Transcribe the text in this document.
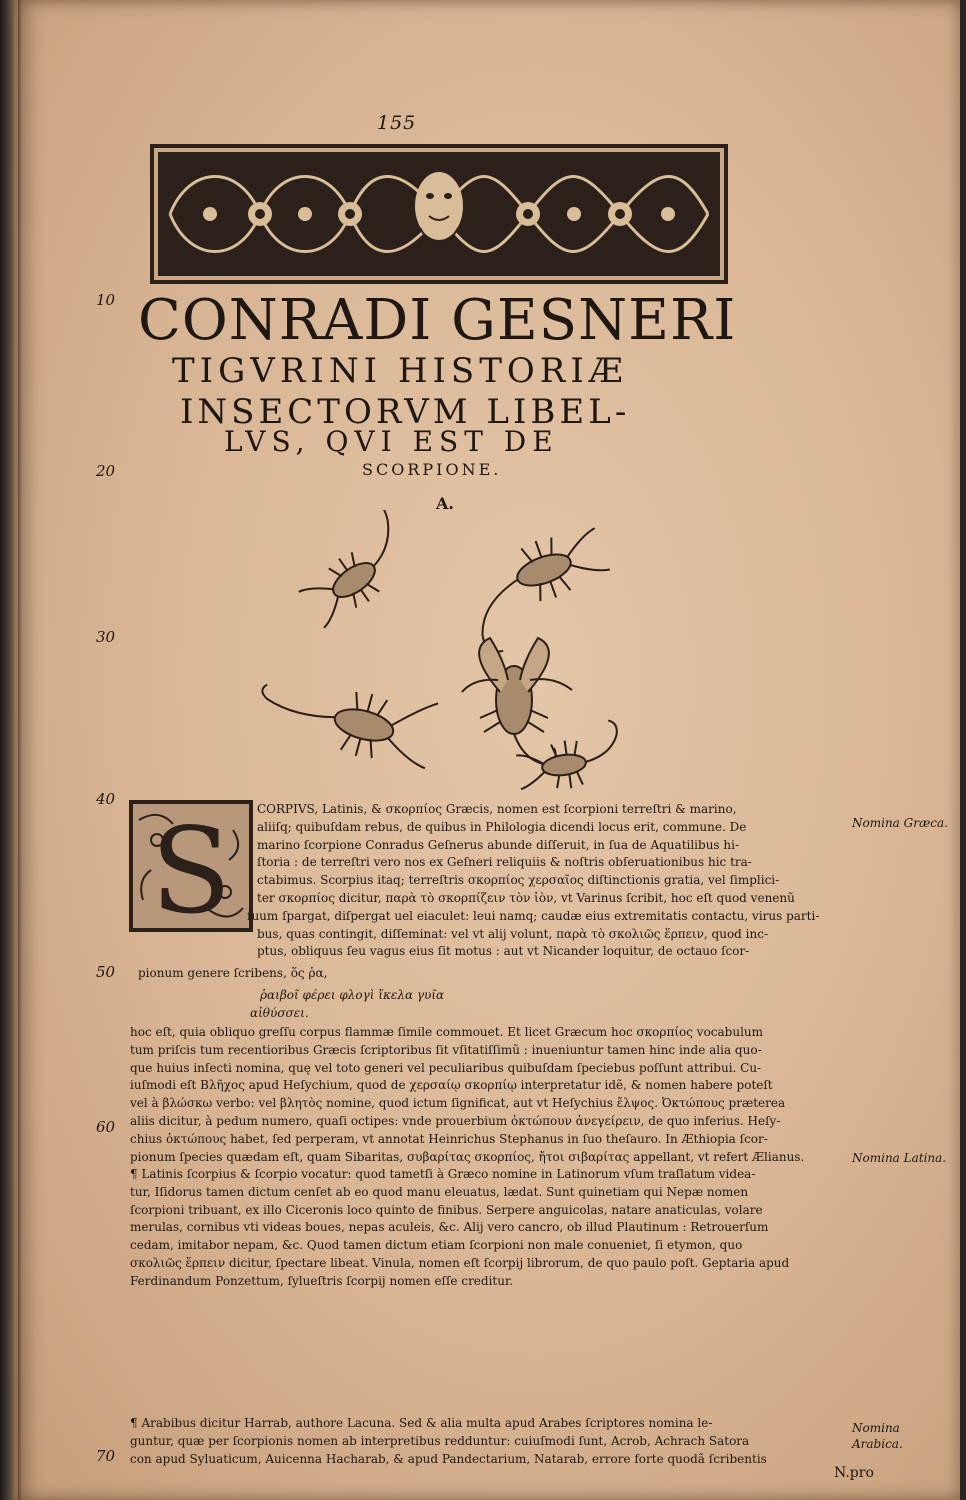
155
10 CONRADI GESNERI
TIGVRINI HISTORIÆ
INSECTORVM LIBEL-
LVS, QVI EST DE
SCORPIONE.
20
A.
30
40
S CORPIVS, Latinis, & σκορπίος Græcis, nomen est ſcorpioni terreſtri & marino,
aliiſq; quibuſdam rebus, de quibus in Philologia dicendi locus erit, commune. De
marino ſcorpione Conradus Geſnerus abunde diſſeruit, in ſua de Aquatilibus hi-
ſtoria : de terreſtri vero nos ex Geſneri reliquiis & noſtris obſeruationibus hic tra-
ctabimus. Scorpius itaq; terreſtris σκορπίος χερσαῖος diſtinctionis gratia, vel ſimplici-
ter σκορπίος dicitur, παρὰ τὸ σκορπίζειν τὸν ἰὸν, vt Varinus ſcribit, hoc eſt quod venenũ
ſuum ſpargat, diſpergat uel eiaculet: leui namq; caudæ eius extremitatis contactu, virus parti-
bus, quas contingit, diſſeminat: vel vt alij volunt, παρὰ τὸ σκολιῶς ἕρπειν, quod inc-
ptus, obliquus ſeu vagus eius ſit motus : aut vt Nicander loquitur, de octauo ſcor-
pionum genere ſcribens, ὅς ῥα,
50
ῥαιβοῖ φέρει φλογὶ ἴκελα γυῖα
αἰθύσσει.
hoc eſt, quia obliquo greſſu corpus flammæ ſimile commouet. Et licet Græcum hoc σκορπίος vocabulum
tum priſcis tum recentioribus Græcis ſcriptoribus ſit vſitatiſſimũ : inueniuntur tamen hinc inde alia quo-
que huius inſecti nomina, quę vel toto generi vel peculiaribus quibuſdam ſpeciebus poſſunt attribui. Cu-
iuſmodi eſt Βλῆχος apud Heſychium, quod de χερσαίῳ σκορπίῳ interpretatur idẽ, & nomen habere poteſt
vel à βλώσκω verbo: vel βλητὸς nomine, quod ictum ſignificat, aut vt Heſychius ἔλψος. Ὀκτώπους præterea
aliis dicitur, à pedum numero, quaſi octipes: vnde prouerbium ὀκτώπουν ἀνεγείρειν, de quo inferius. Heſy-
chius ὀκτώπους habet, ſed perperam, vt annotat Heinrichus Stephanus in ſuo theſauro. In Æthiopia ſcor-
pionum ſpecies quædam eſt, quam Sibaritas, συβαρίτας σκορπίος, ἤτοι σιβαρίτας appellant, vt refert Ælianus.
60
¶ Latinis ſcorpius & ſcorpio vocatur: quod tametſi à Græco nomine in Latinorum vſum traſlatum videa-
tur, Iſidorus tamen dictum cenſet ab eo quod manu eleuatus, lædat. Sunt quinetiam qui Nepæ nomen
ſcorpioni tribuant, ex illo Ciceronis loco quinto de finibus. Serpere anguicolas, natare anaticulas, volare
merulas, cornibus vti videas boues, nepas aculeis, &c. Alij vero cancro, ob illud Plautinum : Retrouerſum
cedam, imitabor nepam, &c. Quod tamen dictum etiam ſcorpioni non male conueniet, ſi etymon, quo
σκολιῶς ἕρπειν dicitur, ſpectare libeat. Vinula, nomen eſt ſcorpij librorum, de quo paulo poſt. Geptaria apud
Ferdinandum Ponzettum, ſylueſtris ſcorpij nomen eſſe creditur.
¶ Arabibus dicitur Harrab, authore Lacuna. Sed & alia multa apud Arabes ſcriptores nomina le-
guntur, quæ per ſcorpionis nomen ab interpretibus redduntur: cuiuſmodi ſunt, Acrob, Achrach Satora
con apud Syluaticum, Auicenna Hacharab, & apud Pandectarium, Natarab, errore forte quodã ſcribentis
70
Nomina Græca.
Nomina Latina.
Nomina Arabica.
N.pro
